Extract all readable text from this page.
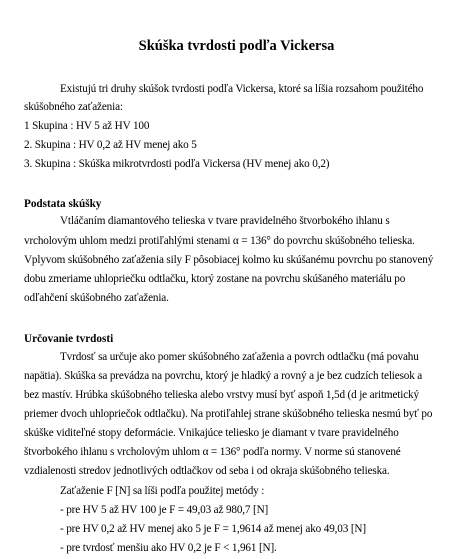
Skúška tvrdosti podľa Vickersa
Existujú tri druhy skúšok tvrdosti podľa Vickersa, ktoré sa líšia rozsahom použitého
skúšobného zaťaženia:
1 Skupina : HV 5 až HV 100
2. Skupina : HV 0,2 až HV menej ako 5
3. Skupina : Skúška mikrotvrdosti podľa Vickersa (HV menej ako 0,2)
Podstata skúšky
Vtláčaním diamantového telieska v tvare pravidelného štvorbokého ihlanu s
vrcholovým uhlom medzi protiľahlými stenami α = 136° do povrchu skúšobného telieska.
Vplyvom skúšobného zaťaženia sily F pôsobiacej kolmo ku skúšanému povrchu po stanovený
dobu zmeriame uhlopriečku odtlačku, ktorý zostane na povrchu skúšaného materiálu po
odľahčení skúšobného zaťaženia.
Určovanie tvrdosti
Tvrdosť sa určuje ako pomer skúšobného zaťaženia a povrch odtlačku (má povahu
napätia). Skúška sa prevádza na povrchu, ktorý je hladký a rovný a je bez cudzích teliesok a
bez mastív. Hrúbka skúšobného telieska alebo vrstvy musí byť aspoň 1,5d (d je aritmetický
priemer dvoch uhlopriečok odtlačku). Na protiľahlej strane skúšobného telieska nesmú byť po
skúške viditeľné stopy deformácie. Vnikajúce teliesko je diamant v tvare pravidelného
štvorbokého ihlanu s vrcholovým uhlom α = 136° podľa normy. V norme sú stanovené
vzdialenosti stredov jednotlivých odtlačkov od seba i od okraja skúšobného telieska.
Zaťaženie F [N] sa líši podľa použitej metódy :
- pre HV 5 až HV 100 je F = 49,03 až 980,7 [N]
- pre HV 0,2 až HV menej ako 5 je F = 1,9614 až menej ako 49,03 [N]
- pre tvrdosť menšiu ako HV 0,2 je F < 1,961 [N].
